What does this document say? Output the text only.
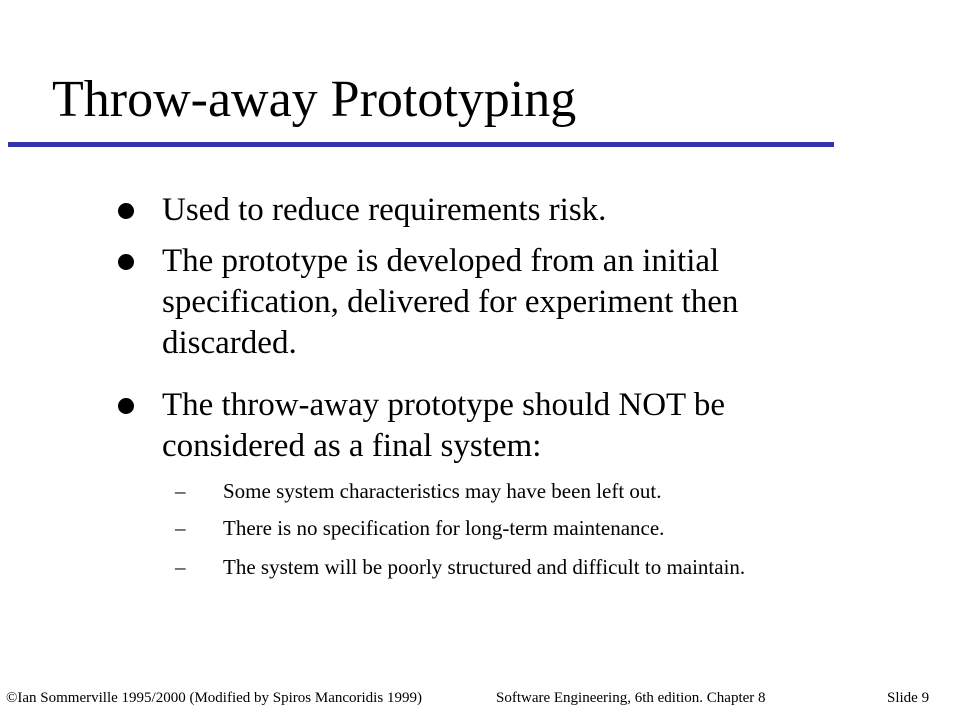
Throw-away Prototyping
Used to reduce requirements risk.
The prototype is developed from an initial specification, delivered for experiment then discarded.
The throw-away prototype should NOT be considered as a final system:
– Some system characteristics may have been left out.
– There is no specification for long-term maintenance.
– The system will be poorly structured and difficult to maintain.
©Ian Sommerville 1995/2000 (Modified by Spiros Mancoridis 1999)	Software Engineering, 6th edition. Chapter 8	Slide 9
